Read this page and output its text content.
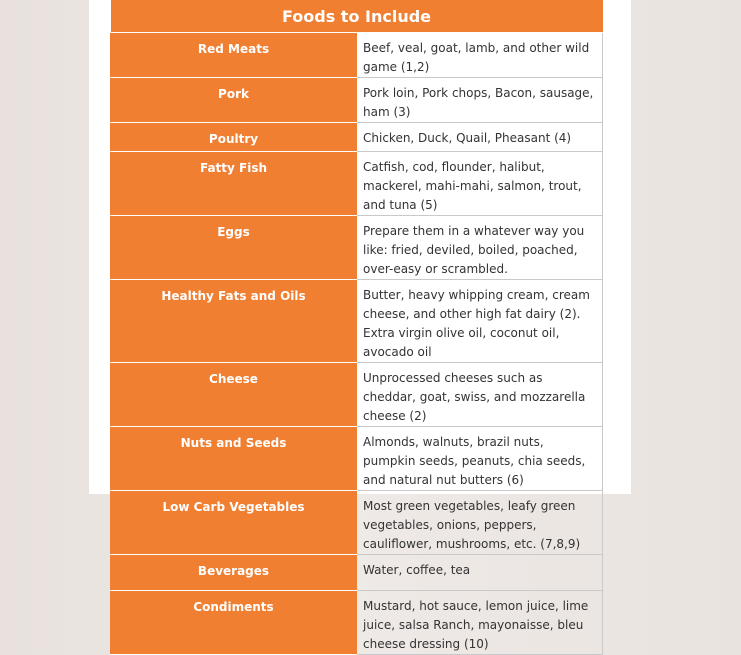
Foods to Include	
Red Meats	Beef, veal, goat, lamb, and other wild game (1,2)
Pork	Pork loin, Pork chops, Bacon, sausage, ham (3)
Poultry	Chicken, Duck, Quail, Pheasant (4)
Fatty Fish	Catfish, cod, flounder, halibut, mackerel, mahi-mahi, salmon, trout, and tuna (5)
Eggs	Prepare them in a whatever way you like: fried, deviled, boiled, poached, over-easy or scrambled.
Healthy Fats and Oils	Butter, heavy whipping cream, cream cheese, and other high fat dairy (2). Extra virgin olive oil, coconut oil, avocado oil
Cheese	Unprocessed cheeses such as cheddar, goat, swiss, and mozzarella cheese (2)
Nuts and Seeds	Almonds, walnuts, brazil nuts, pumpkin seeds, peanuts, chia seeds, and natural nut butters (6)
Low Carb Vegetables	Most green vegetables, leafy green vegetables, onions, peppers, cauliflower, mushrooms, etc. (7,8,9)
Beverages	Water, coffee, tea
Condiments	Mustard, hot sauce, lemon juice, lime juice, salsa Ranch, mayonaisse, bleu cheese dressing (10)
